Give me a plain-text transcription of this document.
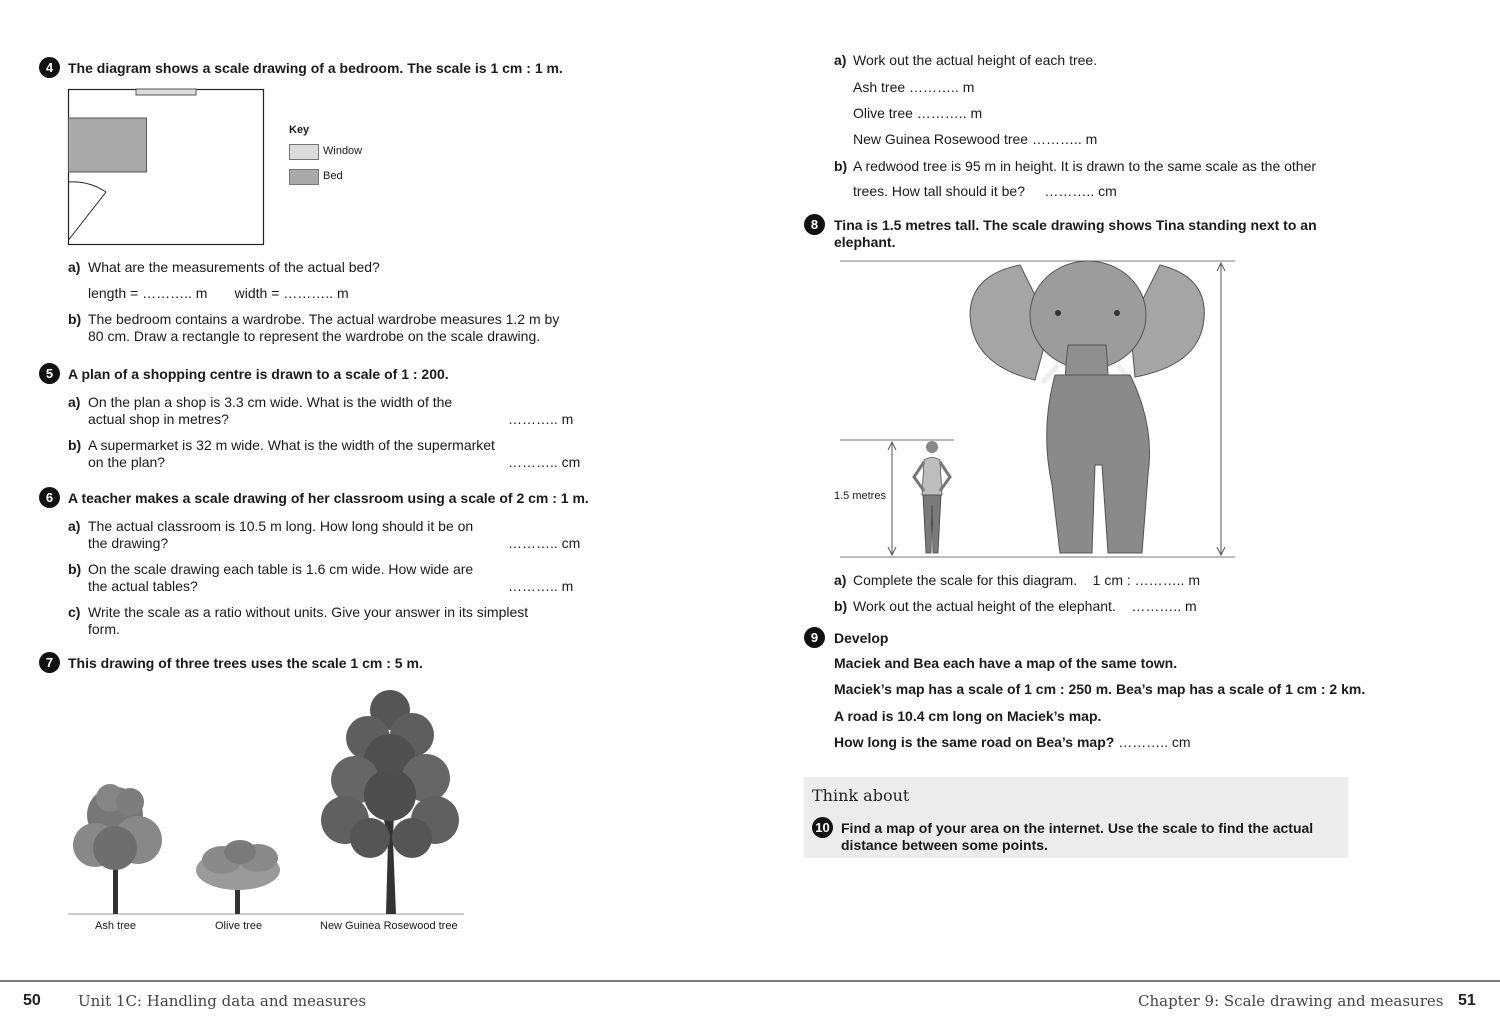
4	The diagram shows a scale drawing of a bedroom. The scale is 1 cm : 1 m.
Key
Window
Bed
a) What are the measurements of the actual bed?
length = ……….. m       width = ……….. m
b) The bedroom contains a wardrobe. The actual wardrobe measures 1.2 m by
80 cm. Draw a rectangle to represent the wardrobe on the scale drawing.
5	A plan of a shopping centre is drawn to a scale of 1 : 200.
a) On the plan a shop is 3.3 cm wide. What is the width of the
actual shop in metres?	……….. m
b) A supermarket is 32 m wide. What is the width of the supermarket
on the plan?	……….. cm
6	A teacher makes a scale drawing of her classroom using a scale of 2 cm : 1 m.
a) The actual classroom is 10.5 m long. How long should it be on
the drawing?	……….. cm
b) On the scale drawing each table is 1.6 cm wide. How wide are
the actual tables?	……….. m
c) Write the scale as a ratio without units. Give your answer in its simplest
form.
7	This drawing of three trees uses the scale 1 cm : 5 m.
Ash tree	Olive tree	New Guinea Rosewood tree
a) Work out the actual height of each tree.
Ash tree ……….. m
Olive tree ……….. m
New Guinea Rosewood tree ……….. m
b) A redwood tree is 95 m in height. It is drawn to the same scale as the other
trees. How tall should it be?     ……….. cm
8	Tina is 1.5 metres tall. The scale drawing shows Tina standing next to an
elephant.
1.5 metres
a) Complete the scale for this diagram.    1 cm : ……….. m
b) Work out the actual height of the elephant.    ……….. m
9	Develop
Maciek and Bea each have a map of the same town.
Maciek’s map has a scale of 1 cm : 250 m. Bea’s map has a scale of 1 cm : 2 km.
A road is 10.4 cm long on Maciek’s map.
How long is the same road on Bea’s map? ……….. cm
Think about
10 Find a map of your area on the internet. Use the scale to find the actual
distance between some points.
50 Unit 1C: Handling data and measures	Chapter 9: Scale drawing and measures 51
